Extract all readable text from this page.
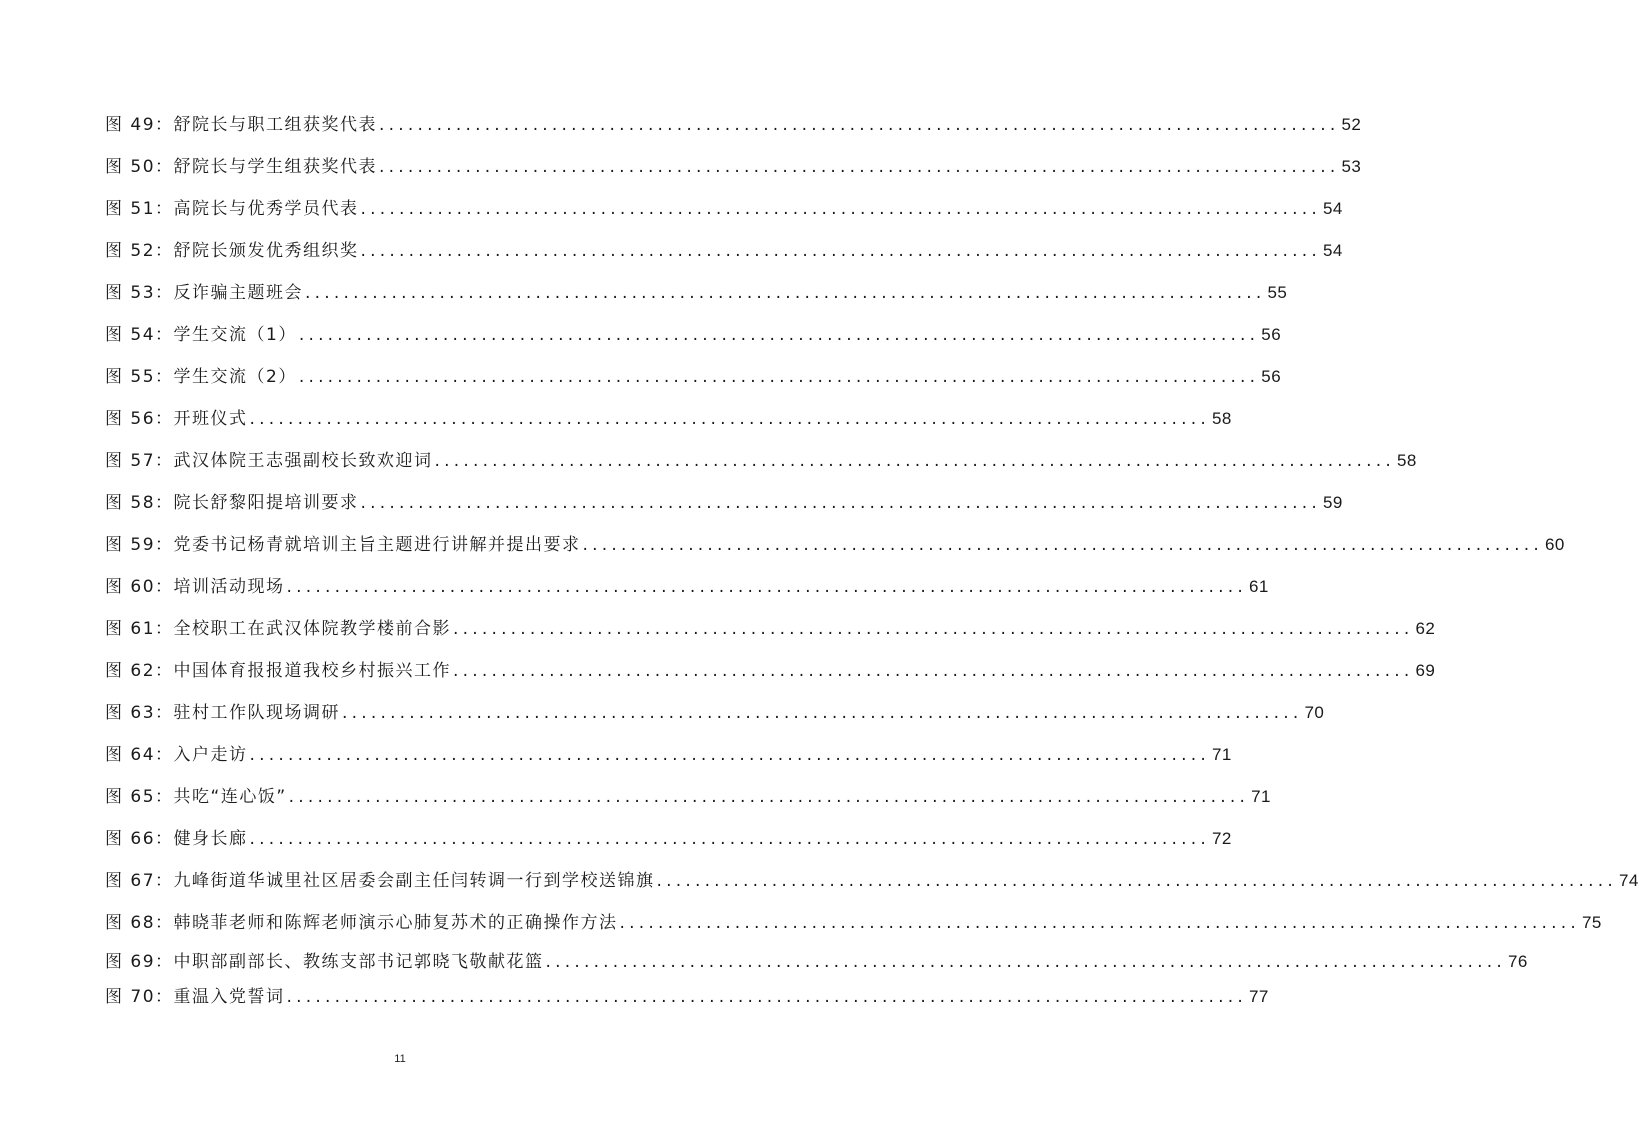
图 49： 舒院长与职工组获奖代表 .................................................................................................... 52
图 50： 舒院长与学生组获奖代表 .................................................................................................... 53
图 51： 高院长与优秀学员代表 .................................................................................................... 54
图 52： 舒院长颁发优秀组织奖 .................................................................................................... 54
图 53： 反诈骗主题班会 .................................................................................................... 55
图 54： 学生交流（1） .................................................................................................... 56
图 55： 学生交流（2） .................................................................................................... 56
图 56： 开班仪式 .................................................................................................... 58
图 57： 武汉体院王志强副校长致欢迎词 .................................................................................................... 58
图 58： 院长舒黎阳提培训要求 .................................................................................................... 59
图 59： 党委书记杨青就培训主旨主题进行讲解并提出要求 .................................................................................................... 60
图 60： 培训活动现场 .................................................................................................... 61
图 61： 全校职工在武汉体院教学楼前合影 .................................................................................................... 62
图 62： 中国体育报报道我校乡村振兴工作 .................................................................................................... 69
图 63： 驻村工作队现场调研 .................................................................................................... 70
图 64： 入户走访 .................................................................................................... 71
图 65： 共吃“连心饭” .................................................................................................... 71
图 66： 健身长廊 .................................................................................................... 72
图 67： 九峰街道华诚里社区居委会副主任闫转调一行到学校送锦旗 .................................................................................................... 74
图 68： 韩晓菲老师和陈辉老师演示心肺复苏术的正确操作方法 .................................................................................................... 75
图 69： 中职部副部长、教练支部书记郭晓飞敬献花篮 .................................................................................................... 76
图 70： 重温入党誓词 .................................................................................................... 77
11
